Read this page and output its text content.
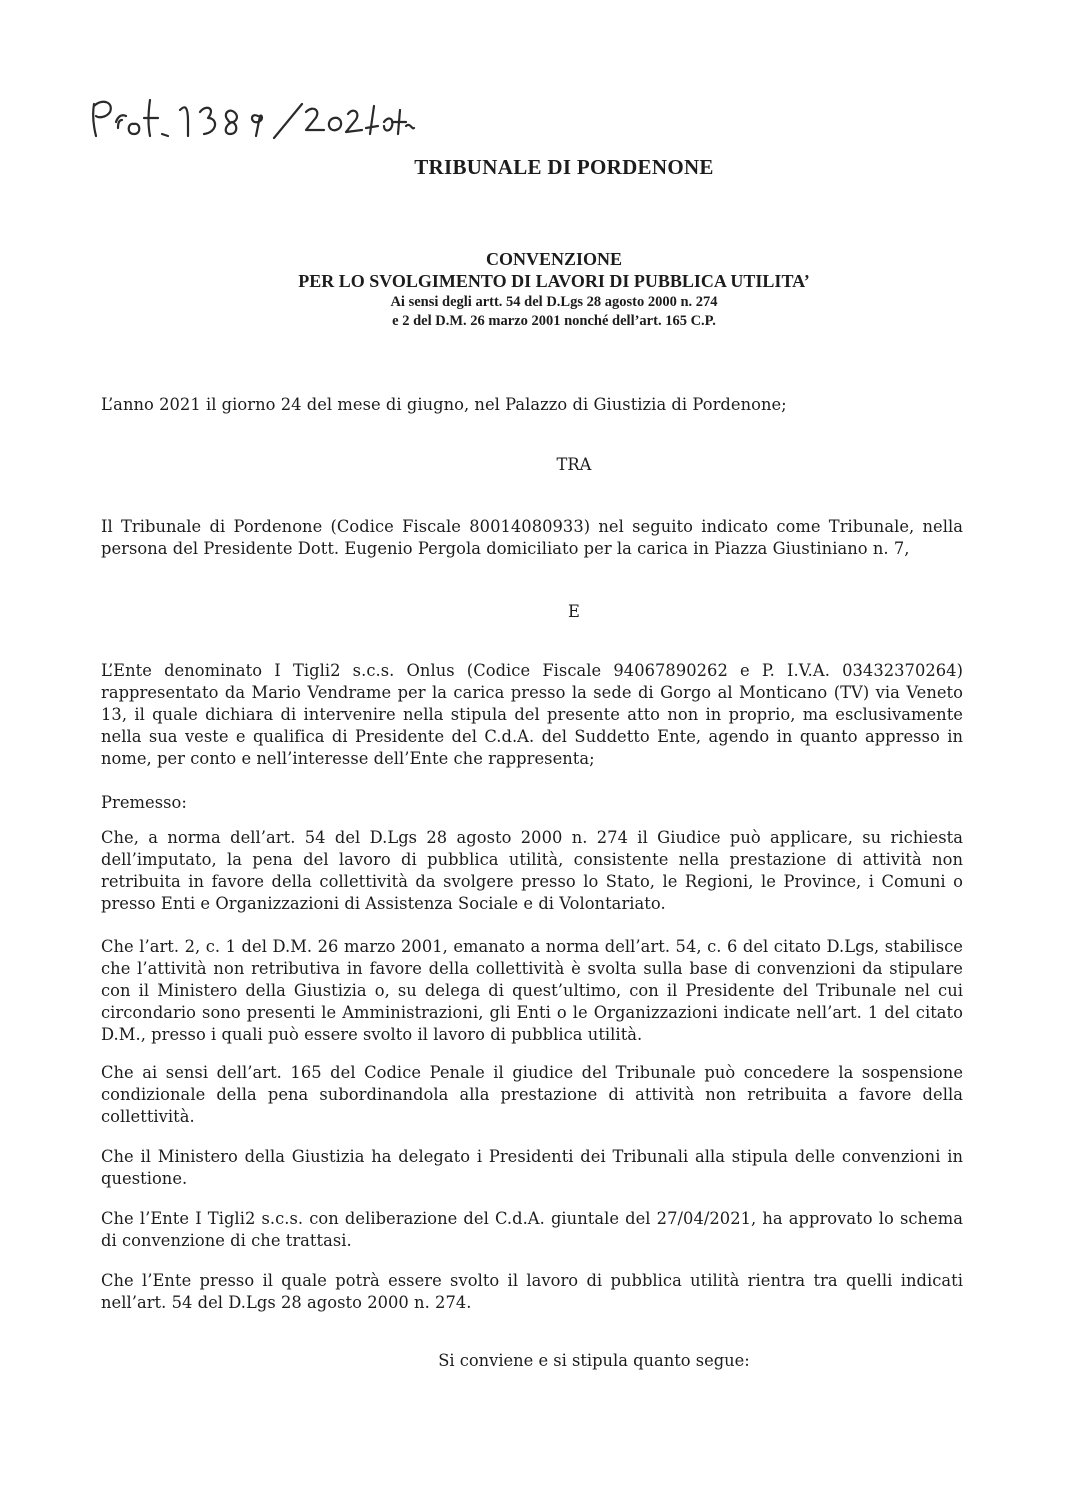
TRIBUNALE DI PORDENONE
CONVENZIONE
PER LO SVOLGIMENTO DI LAVORI DI PUBBLICA UTILITA’
Ai sensi degli artt. 54 del D.Lgs 28 agosto 2000 n. 274
e 2 del D.M. 26 marzo 2001 nonché dell’art. 165 C.P.
L’anno 2021 il giorno 24 del mese di giugno, nel Palazzo di Giustizia di Pordenone;
TRA
Il Tribunale di Pordenone (Codice Fiscale 80014080933) nel seguito indicato come Tribunale, nella persona del Presidente Dott. Eugenio Pergola domiciliato per la carica in Piazza Giustiniano n. 7,
E
L’Ente denominato I Tigli2 s.c.s. Onlus (Codice Fiscale 94067890262 e P. I.V.A. 03432370264) rappresentato da Mario Vendrame per la carica presso la sede di Gorgo al Monticano (TV) via Veneto 13, il quale dichiara di intervenire nella stipula del presente atto non in proprio, ma esclusivamente nella sua veste e qualifica di Presidente del C.d.A. del Suddetto Ente, agendo in quanto appresso in nome, per conto e nell’interesse dell’Ente che rappresenta;
Premesso:
Che, a norma dell’art. 54 del D.Lgs 28 agosto 2000 n. 274 il Giudice può applicare, su richiesta dell’imputato, la pena del lavoro di pubblica utilità, consistente nella prestazione di attività non retribuita in favore della collettività da svolgere presso lo Stato, le Regioni, le Province, i Comuni o presso Enti e Organizzazioni di Assistenza Sociale e di Volontariato.
Che l’art. 2, c. 1 del D.M. 26 marzo 2001, emanato a norma dell’art. 54, c. 6 del citato D.Lgs, stabilisce che l’attività non retributiva in favore della collettività è svolta sulla base di convenzioni da stipulare con il Ministero della Giustizia o, su delega di quest’ultimo, con il Presidente del Tribunale nel cui circondario sono presenti le Amministrazioni, gli Enti o le Organizzazioni indicate nell’art. 1 del citato D.M., presso i quali può essere svolto il lavoro di pubblica utilità.
Che ai sensi dell’art. 165 del Codice Penale il giudice del Tribunale può concedere la sospensione condizionale della pena subordinandola alla prestazione di attività non retribuita a favore della collettività.
Che il Ministero della Giustizia ha delegato i Presidenti dei Tribunali alla stipula delle convenzioni in questione.
Che l’Ente I Tigli2 s.c.s. con deliberazione del C.d.A. giuntale del 27/04/2021, ha approvato lo schema di convenzione di che trattasi.
Che l’Ente presso il quale potrà essere svolto il lavoro di pubblica utilità rientra tra quelli indicati nell’art. 54 del D.Lgs 28 agosto 2000 n. 274.
Si conviene e si stipula quanto segue:
